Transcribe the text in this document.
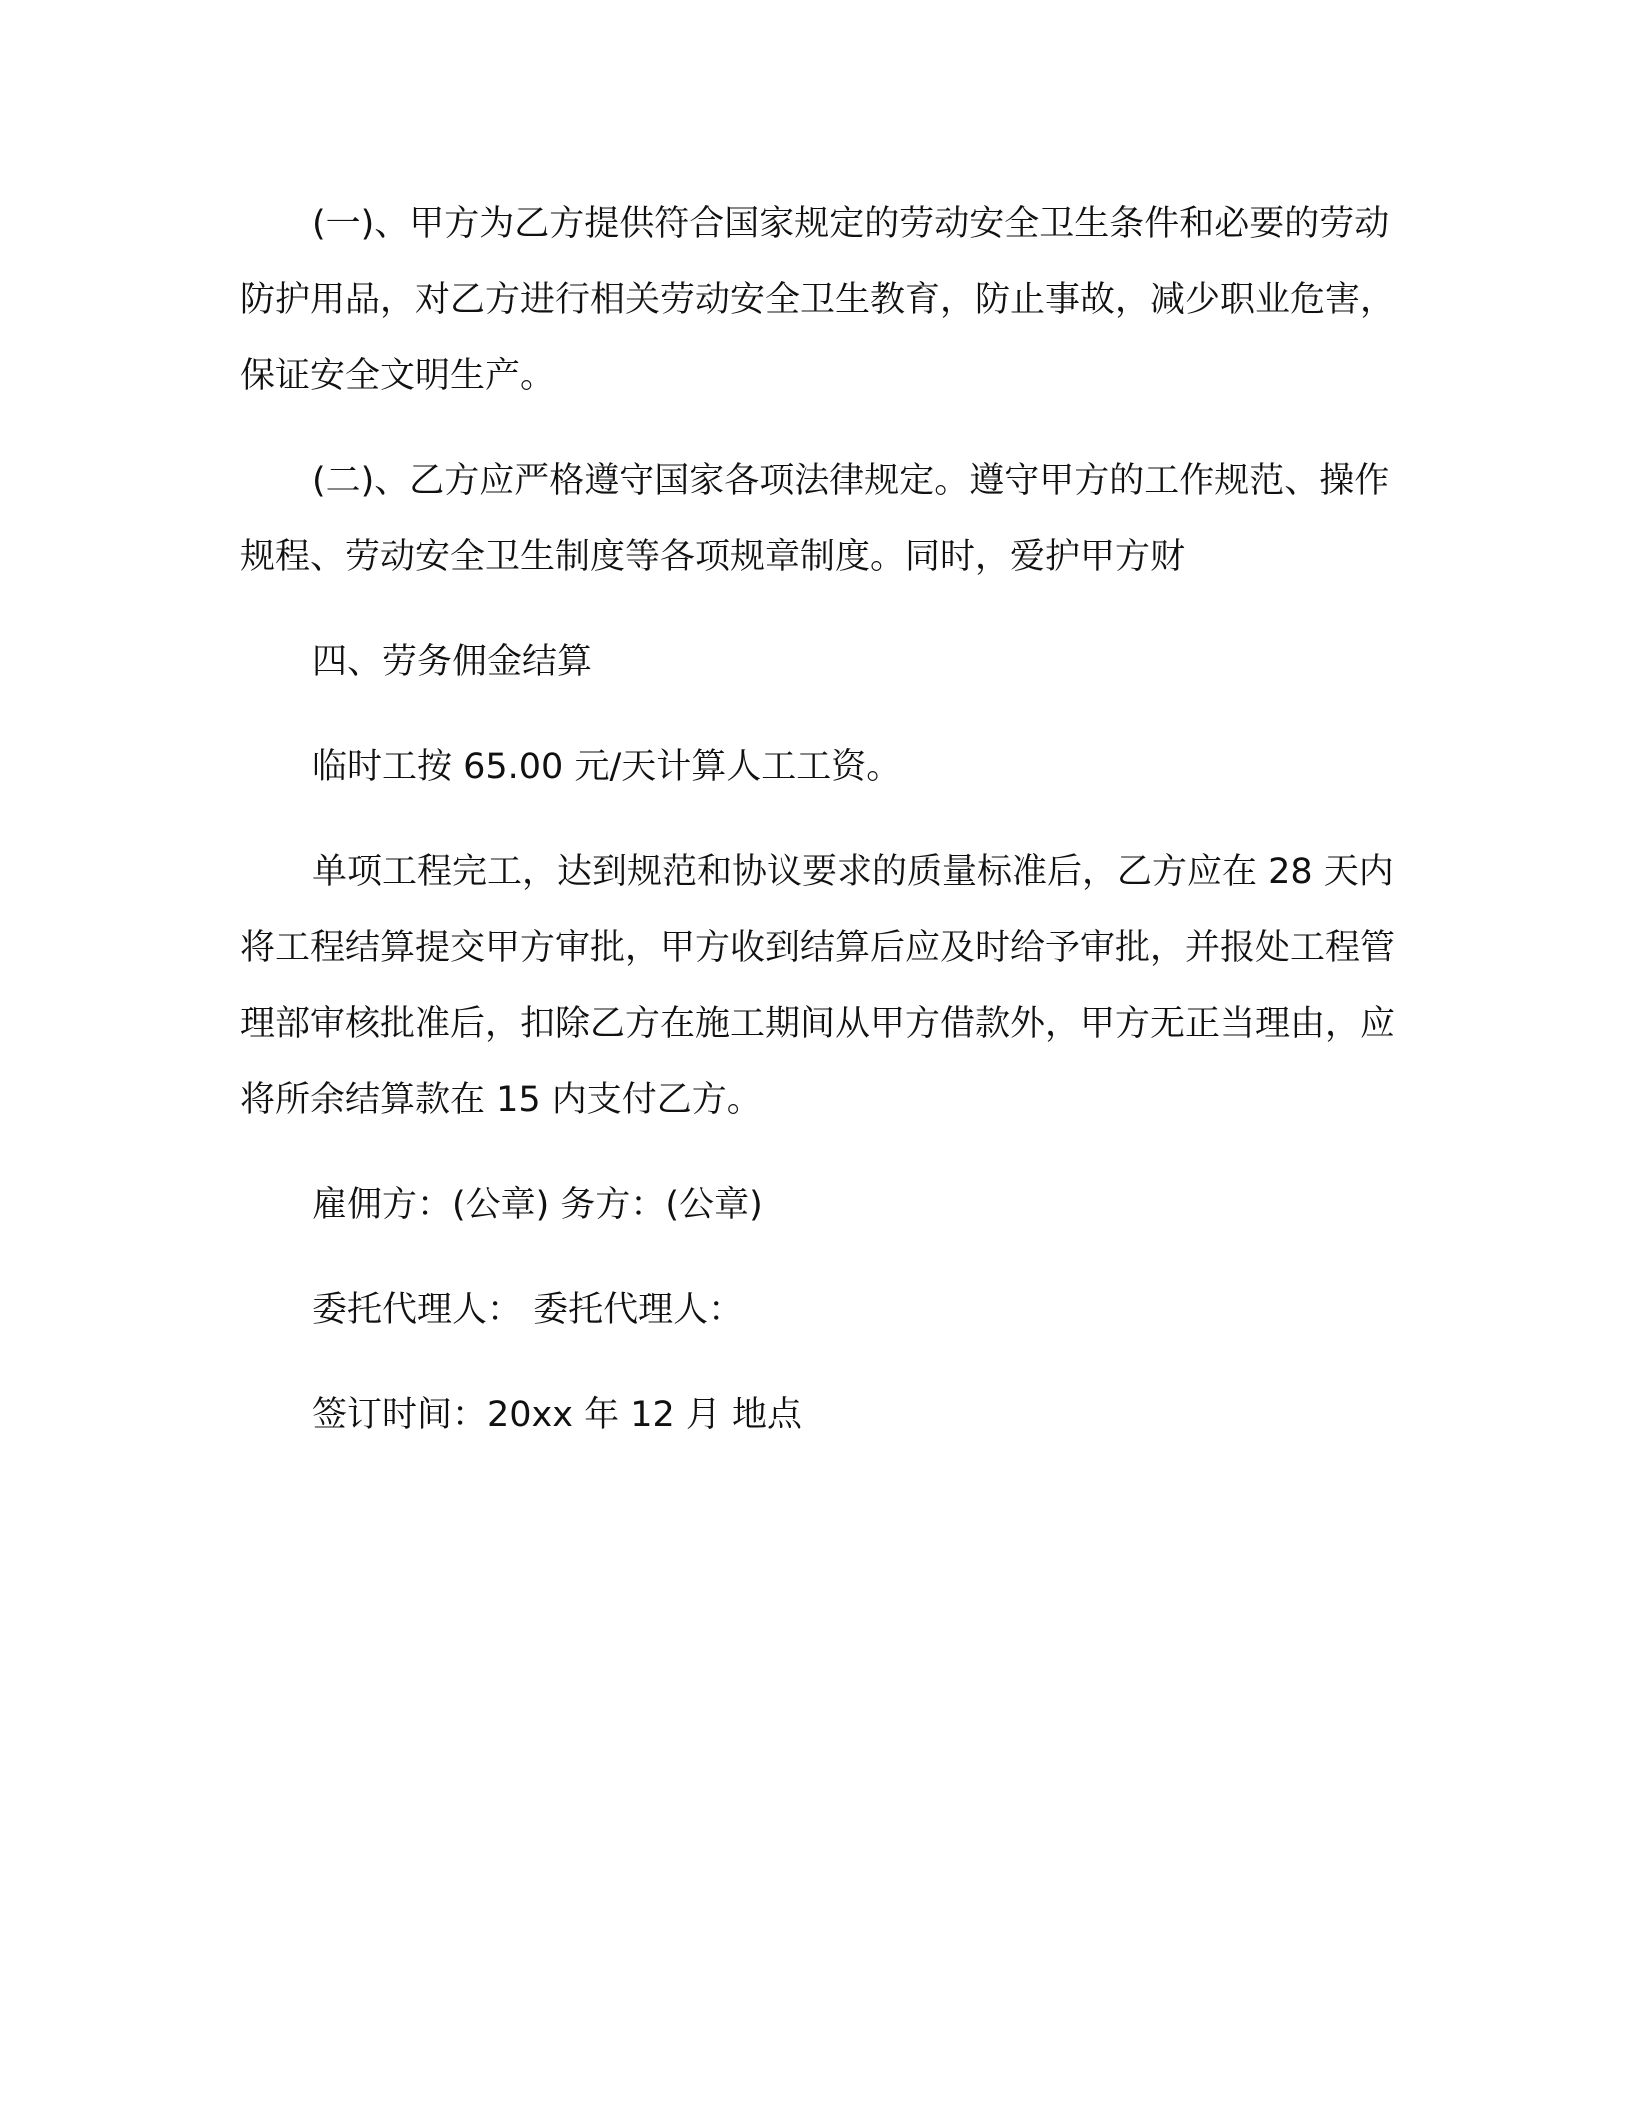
(一)、甲方为乙方提供符合国家规定的劳动安全卫生条件和必要的劳动防护用品，对乙方进行相关劳动安全卫生教育，防止事故，减少职业危害，保证安全文明生产。

(二)、乙方应严格遵守国家各项法律规定。遵守甲方的工作规范、操作规程、劳动安全卫生制度等各项规章制度。同时，爱护甲方财

四、劳务佣金结算

临时工按 65.00 元/天计算人工工资。

单项工程完工，达到规范和协议要求的质量标准后，乙方应在 28 天内将工程结算提交甲方审批，甲方收到结算后应及时给予审批，并报处工程管理部审核批准后，扣除乙方在施工期间从甲方借款外，甲方无正当理由，应将所余结算款在 15 内支付乙方。

雇佣方：(公章) 务方：(公章)

委托代理人： 委托代理人：

签订时间：20xx 年 12 月 地点
